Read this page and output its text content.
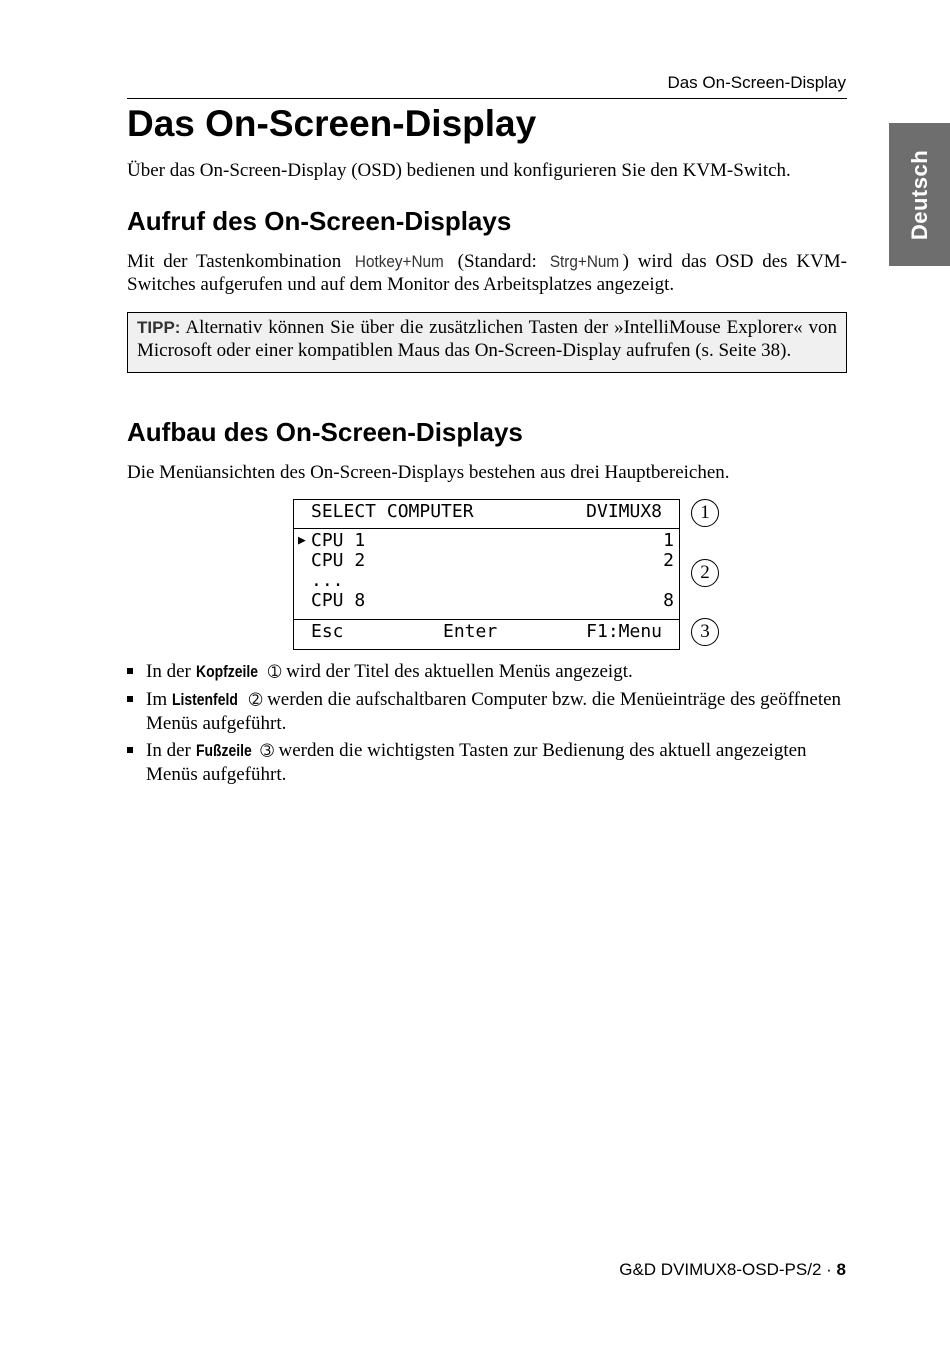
Das On-Screen-Display
Deutsch
Das On-Screen-Display

Über das On-Screen-Display (OSD) bedienen und konfigurieren Sie den KVM-Switch.

Aufruf des On-Screen-Displays

Mit der Tastenkombination Hotkey+Num (Standard: Strg+Num ) wird das OSD des KVM-Switches aufgerufen und auf dem Monitor des Arbeitsplatzes angezeigt.

TIPP: Alternativ können Sie über die zusätzlichen Tasten der »IntelliMouse Explorer« von Microsoft oder einer kompatiblen Maus das On-Screen-Display aufrufen (s. Seite 38).
Aufbau des On-Screen-Displays

Die Menüansichten des On-Screen-Displays bestehen aus drei Hauptbereichen.

SELECT COMPUTER	DVIMUX8
▶ CPU 1	1
CPU 2	2
...
CPU 8	8
Esc	Enter	F1:Menu
1
2
3
In der Kopfzeile ➀ wird der Titel des aktuellen Menüs angezeigt.
Im Listenfeld ➁ werden die aufschaltbaren Computer bzw. die Menüeinträge des geöffneten Menüs aufgeführt.
In der Fußzeile ➂ werden die wichtigsten Tasten zur Bedienung des aktuell angezeigten Menüs aufgeführt.
G&D DVIMUX8-OSD-PS/2 · 8
